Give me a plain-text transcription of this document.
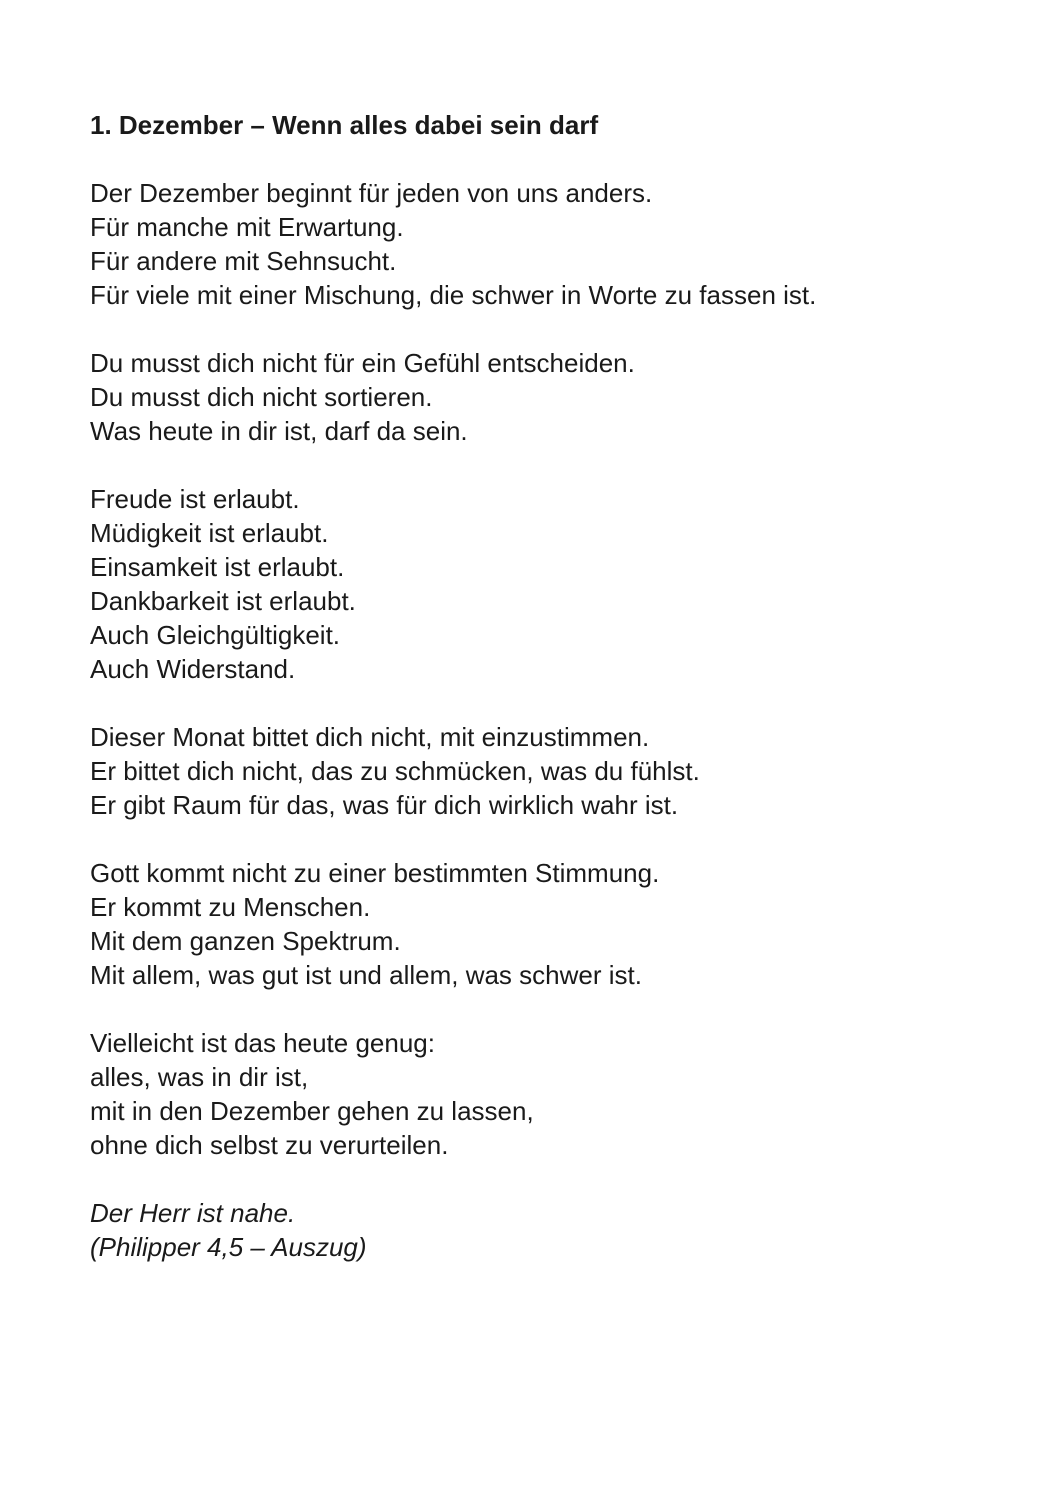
1. Dezember – Wenn alles dabei sein darf
Der Dezember beginnt für jeden von uns anders.
Für manche mit Erwartung.
Für andere mit Sehnsucht.
Für viele mit einer Mischung, die schwer in Worte zu fassen ist.
Du musst dich nicht für ein Gefühl entscheiden.
Du musst dich nicht sortieren.
Was heute in dir ist, darf da sein.
Freude ist erlaubt.
Müdigkeit ist erlaubt.
Einsamkeit ist erlaubt.
Dankbarkeit ist erlaubt.
Auch Gleichgültigkeit.
Auch Widerstand.
Dieser Monat bittet dich nicht, mit einzustimmen.
Er bittet dich nicht, das zu schmücken, was du fühlst.
Er gibt Raum für das, was für dich wirklich wahr ist.
Gott kommt nicht zu einer bestimmten Stimmung.
Er kommt zu Menschen.
Mit dem ganzen Spektrum.
Mit allem, was gut ist und allem, was schwer ist.
Vielleicht ist das heute genug:
alles, was in dir ist,
mit in den Dezember gehen zu lassen,
ohne dich selbst zu verurteilen.
Der Herr ist nahe.
(Philipper 4,5 – Auszug)
